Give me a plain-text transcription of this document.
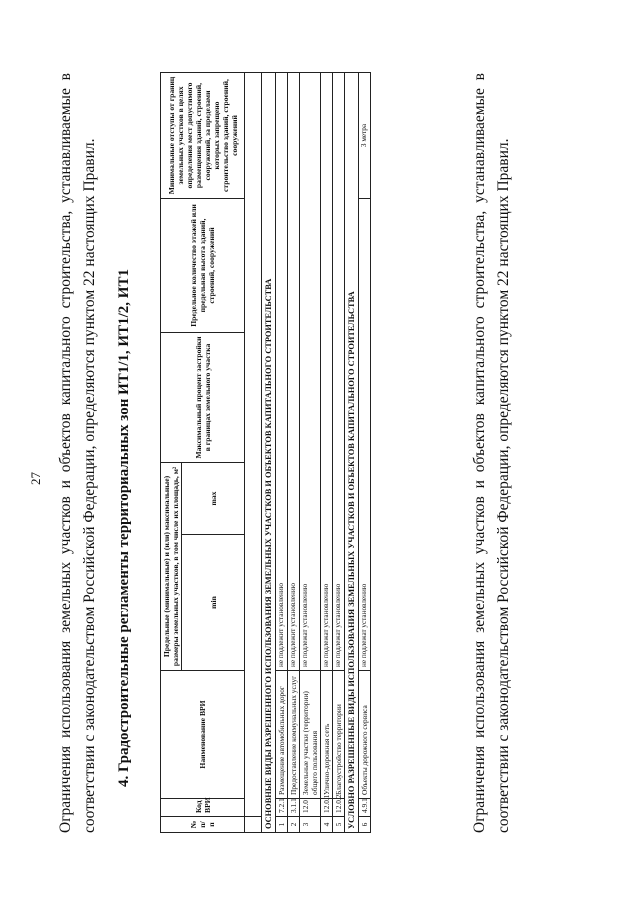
27 Ограничения использования земельных участков и объектов капитального строительства, устанавливаемые в соответствии с законодательством Российской Федерации, определяются пунктом 22 настоящих Правил. 4. Градостроительные регламенты территориальных зон ИТ1/1, ИТ1/2, ИТ1
№ п/п	Код ВРИ	Наименование ВРИ	Предельные (минимальные) и (или) максимальные) размеры земельных участков, в том числе их площадь, м²		Максимальный процент застройки в границах земельного участка	Предельное количество этажей или предельная высота зданий, строений, сооружений	Минимальные отступы от границ земельных участков в целях определения мест допустимого размещения зданий, строений, сооружений, за пределами которых запрещено строительство зданий, строений, сооружений
			min	max			

ОСНОВНЫЕ ВИДЫ РАЗРЕШЕННОГО ИСПОЛЬЗОВАНИЯ ЗЕМЕЛЬНЫХ УЧАСТКОВ И ОБЪЕКТОВ КАПИТАЛЬНОГО СТРОИТЕЛЬСТВА							
1	7.2.1	Размещение автомобильных дорог	не подлежит установлению				
2	3.1.1	Предоставление коммунальных услуг	не подлежит установлению				
3	12.0	Земельные участки (территории) общего пользования	не подлежат установлению				
4	12.0.1	Улично-дорожная сеть	не подлежат установлению				
5	12.0.2	Благоустройство территории	не подлежат установлению				
УСЛОВНО РАЗРЕШЕННЫЕ ВИДЫ ИСПОЛЬЗОВАНИЯ ЗЕМЕЛЬНЫХ УЧАСТКОВ И ОБЪЕКТОВ КАПИТАЛЬНОГО СТРОИТЕЛЬСТВА							
6	4.9.1	Объекты дорожного сервиса	не подлежат установлению				3 метра	Ограничения использования земельных участков и объектов капитального строительства, устанавливаемые в соответствии с законодательством Российской Федерации, определяются пунктом 22 настоящих Правил.
